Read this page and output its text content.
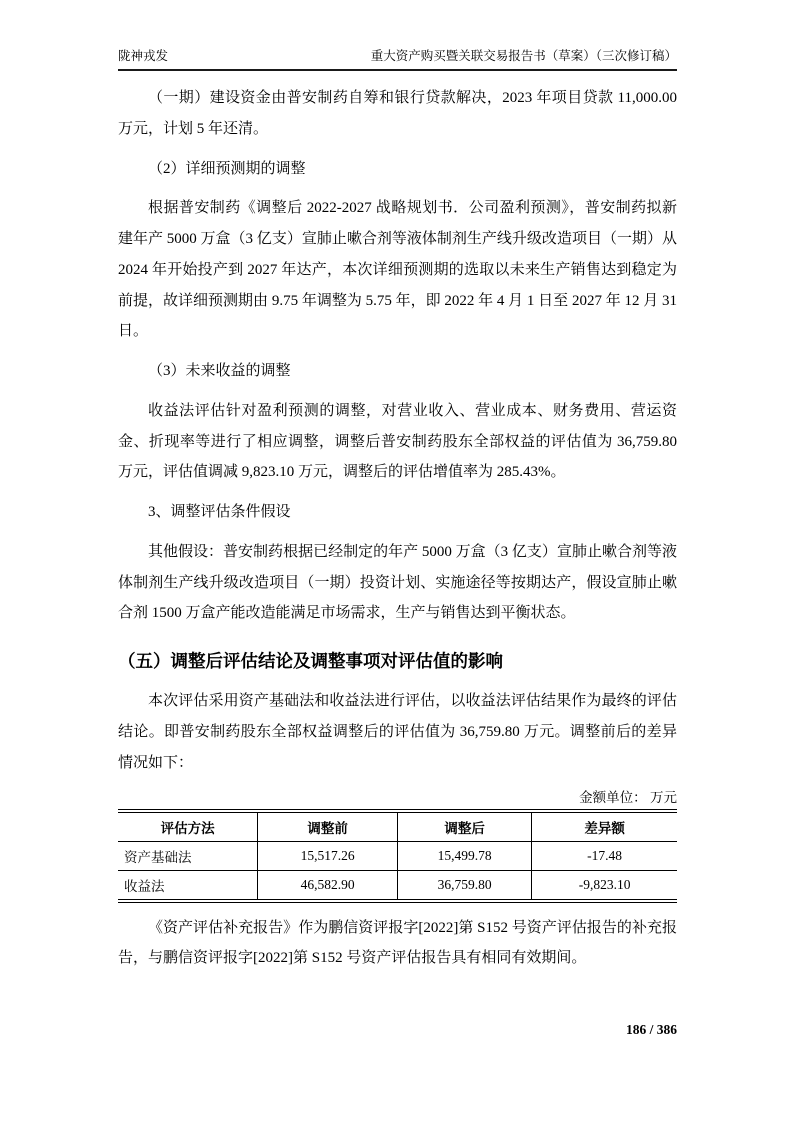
陇神戎发	重大资产购买暨关联交易报告书（草案）（三次修订稿）

（一期）建设资金由普安制药自筹和银行贷款解决，2023 年项目贷款 11,000.00 万元，计划 5 年还清。

（2）详细预测期的调整

根据普安制药《调整后 2022-2027 战略规划书．公司盈利预测》，普安制药拟新建年产 5000 万盒（3 亿支）宣肺止嗽合剂等液体制剂生产线升级改造项目（一期）从 2024 年开始投产到 2027 年达产，本次详细预测期的选取以未来生产销售达到稳定为前提，故详细预测期由 9.75 年调整为 5.75 年，即 2022 年 4 月 1 日至 2027 年 12 月 31 日。

（3）未来收益的调整

收益法评估针对盈利预测的调整，对营业收入、营业成本、财务费用、营运资金、折现率等进行了相应调整，调整后普安制药股东全部权益的评估值为 36,759.80 万元，评估值调减 9,823.10 万元，调整后的评估增值率为 285.43%。

3、调整评估条件假设

其他假设：普安制药根据已经制定的年产 5000 万盒（3 亿支）宣肺止嗽合剂等液体制剂生产线升级改造项目（一期）投资计划、实施途径等按期达产，假设宣肺止嗽合剂 1500 万盒产能改造能满足市场需求，生产与销售达到平衡状态。

（五）调整后评估结论及调整事项对评估值的影响

本次评估采用资产基础法和收益法进行评估，以收益法评估结果作为最终的评估结论。即普安制药股东全部权益调整后的评估值为 36,759.80 万元。调整前后的差异情况如下：

金额单位： 万元
评估方法	调整前	调整后	差异额
资产基础法	15,517.26	15,499.78	-17.48
收益法	46,582.90	36,759.80	-9,823.10

《资产评估补充报告》作为鹏信资评报字[2022]第 S152 号资产评估报告的补充报告，与鹏信资评报字[2022]第 S152 号资产评估报告具有相同有效期间。

186 / 386
